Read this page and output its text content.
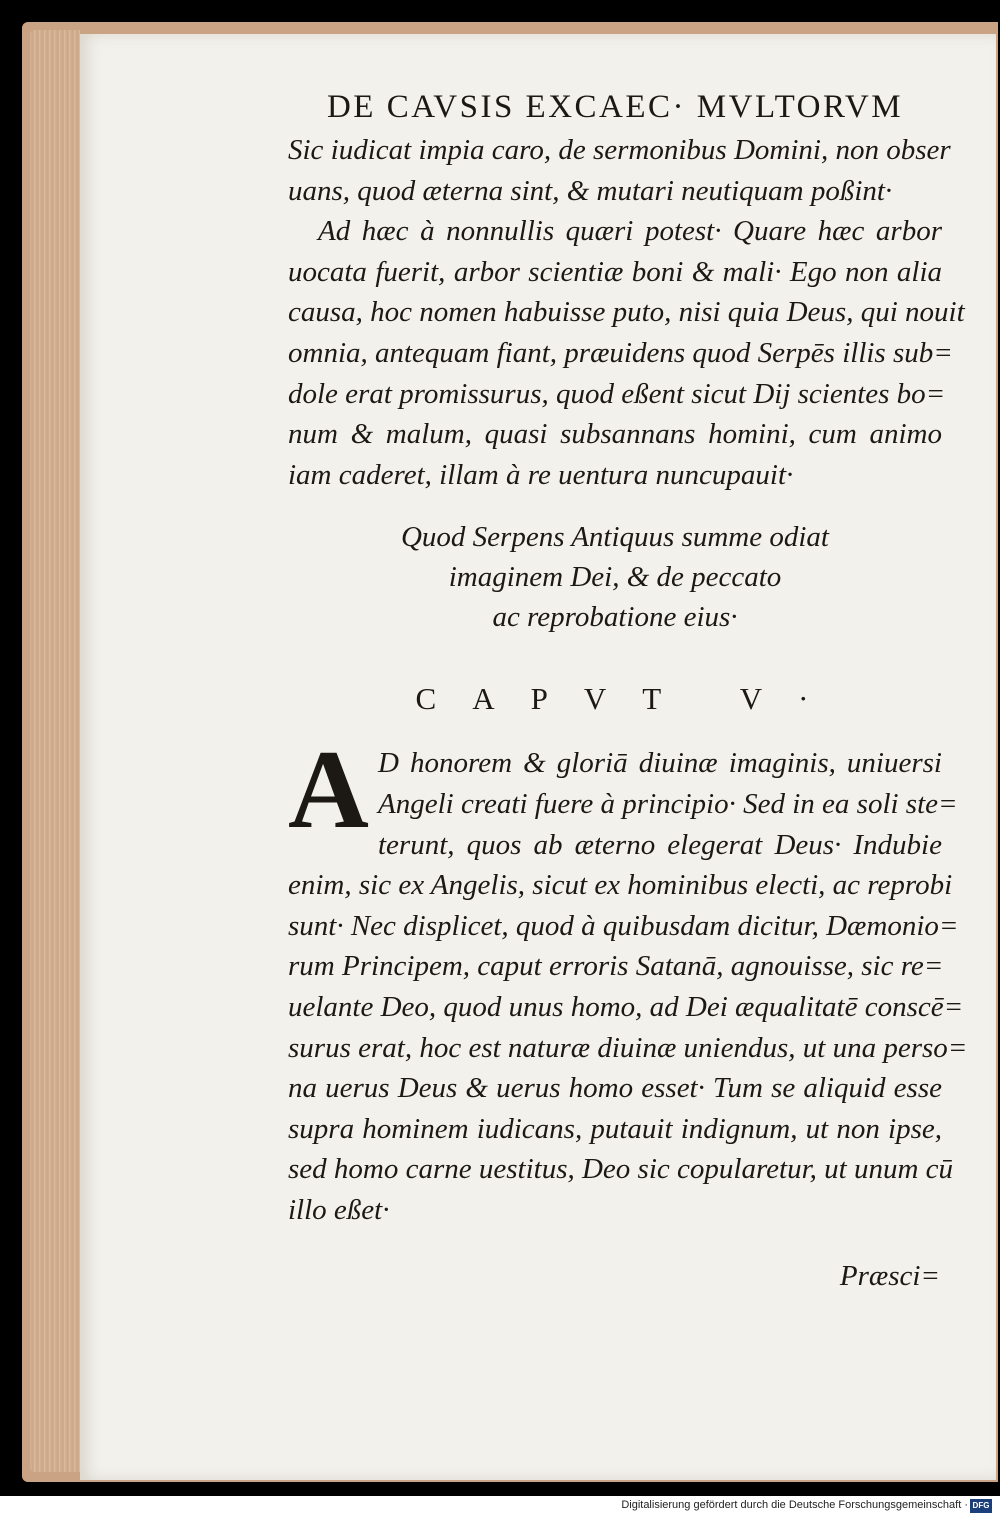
DE CAVSIS EXCAEC· MVLTORVM
Sic iudicat impia caro, de sermonibus Domini, non obser
uans, quod æterna sint, & mutari neutiquam poßint·
Ad hæc à nonnullis quæri potest· Quare hæc arbor
uocata fuerit, arbor scientiæ boni & mali· Ego non alia
causa, hoc nomen habuisse puto, nisi quia Deus, qui nouit
omnia, antequam fiant, præuidens quod Serpēs illis sub=
dole erat promissurus, quod eßent sicut Dij scientes bo=
num & malum, quasi subsannans homini, cum animo
iam caderet, illam à re uentura nuncupauit·
Quod Serpens Antiquus summe odiat
imaginem Dei, & de peccato
ac reprobatione eius·
CAPVT V·
A D honorem & gloriā diuinæ imaginis, uniuersi
Angeli creati fuere à principio· Sed in ea soli ste=
terunt, quos ab æterno elegerat Deus· Indubie
enim, sic ex Angelis, sicut ex hominibus electi, ac reprobi
sunt· Nec displicet, quod à quibusdam dicitur, Dæmonio=
rum Principem, caput erroris Satanā, agnouisse, sic re=
uelante Deo, quod unus homo, ad Dei æqualitatē conscē=
surus erat, hoc est naturæ diuinæ uniendus, ut una perso=
na uerus Deus & uerus homo esset· Tum se aliquid esse
supra hominem iudicans, putauit indignum, ut non ipse,
sed homo carne uestitus, Deo sic copularetur, ut unum cū
illo eßet·
Præsci=
Digitalisierung gefördert durch die Deutsche Forschungsgemeinschaft · DFG
